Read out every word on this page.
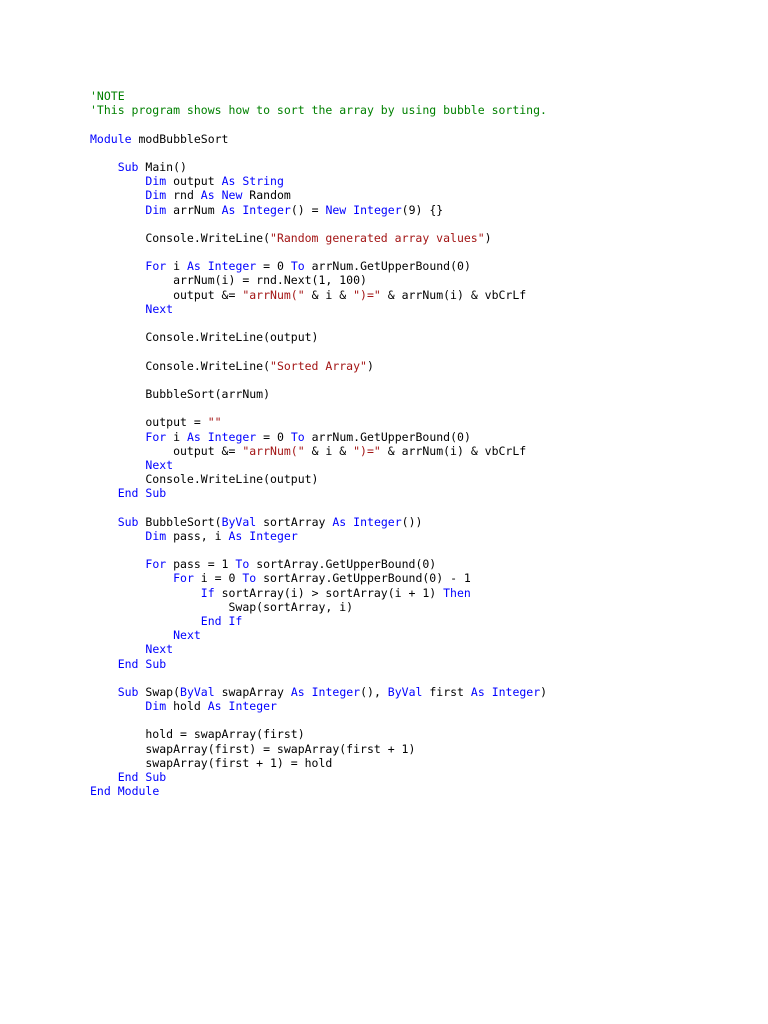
'NOTE
'This program shows how to sort the array by using bubble sorting.

Module modBubbleSort

Sub Main()
Dim output As String
Dim rnd As New Random
Dim arrNum As Integer() = New Integer(9) {}

Console.WriteLine("Random generated array values")

For i As Integer = 0 To arrNum.GetUpperBound(0)
arrNum(i) = rnd.Next(1, 100)
output &= "arrNum(" & i & ")=" & arrNum(i) & vbCrLf
Next

Console.WriteLine(output)

Console.WriteLine("Sorted Array")

BubbleSort(arrNum)

output = ""
For i As Integer = 0 To arrNum.GetUpperBound(0)
output &= "arrNum(" & i & ")=" & arrNum(i) & vbCrLf
Next
Console.WriteLine(output)
End Sub

Sub BubbleSort(ByVal sortArray As Integer())
Dim pass, i As Integer

For pass = 1 To sortArray.GetUpperBound(0)
For i = 0 To sortArray.GetUpperBound(0) - 1
If sortArray(i) > sortArray(i + 1) Then
Swap(sortArray, i)
End If
Next
Next
End Sub

Sub Swap(ByVal swapArray As Integer(), ByVal first As Integer)
Dim hold As Integer

hold = swapArray(first)
swapArray(first) = swapArray(first + 1)
swapArray(first + 1) = hold
End Sub
End Module
